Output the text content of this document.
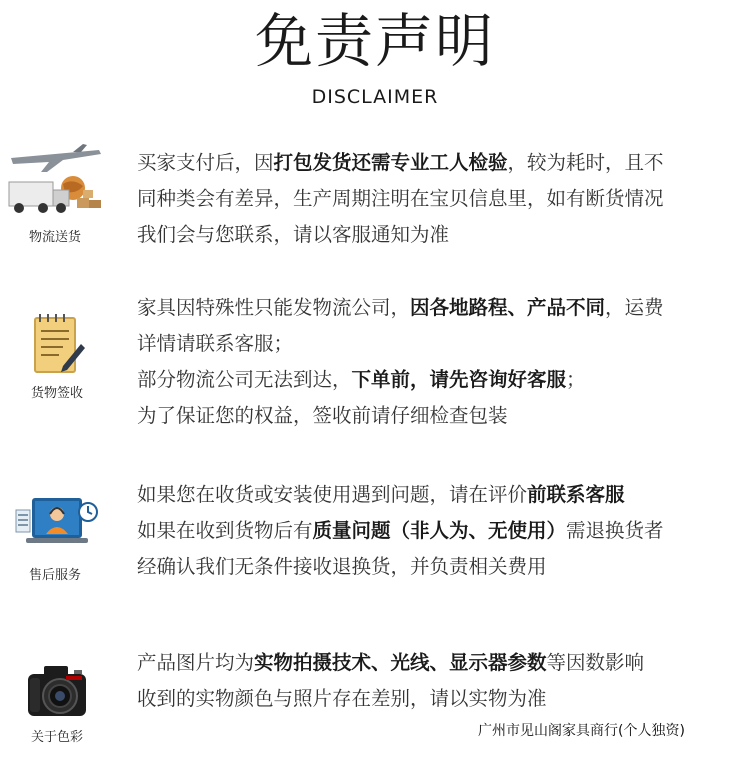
免责声明
DISCLAIMER
物流送货
买家支付后，因打包发货还需专业工人检验，较为耗时，且不
同种类会有差异，生产周期注明在宝贝信息里，如有断货情况
我们会与您联系，请以客服通知为准
货物签收
家具因特殊性只能发物流公司，因各地路程、产品不同，运费
详情请联系客服；
部分物流公司无法到达，下单前，请先咨询好客服；
为了保证您的权益，签收前请仔细检查包装
售后服务
如果您在收货或安装使用遇到问题，请在评价前联系客服
如果在收到货物后有质量问题（非人为、无使用）需退换货者
经确认我们无条件接收退换货，并负责相关费用
关于色彩
产品图片均为实物拍摄技术、光线、显示器参数等因数影响
收到的实物颜色与照片存在差别，请以实物为准
广州市见山阁家具商行(个人独资)
